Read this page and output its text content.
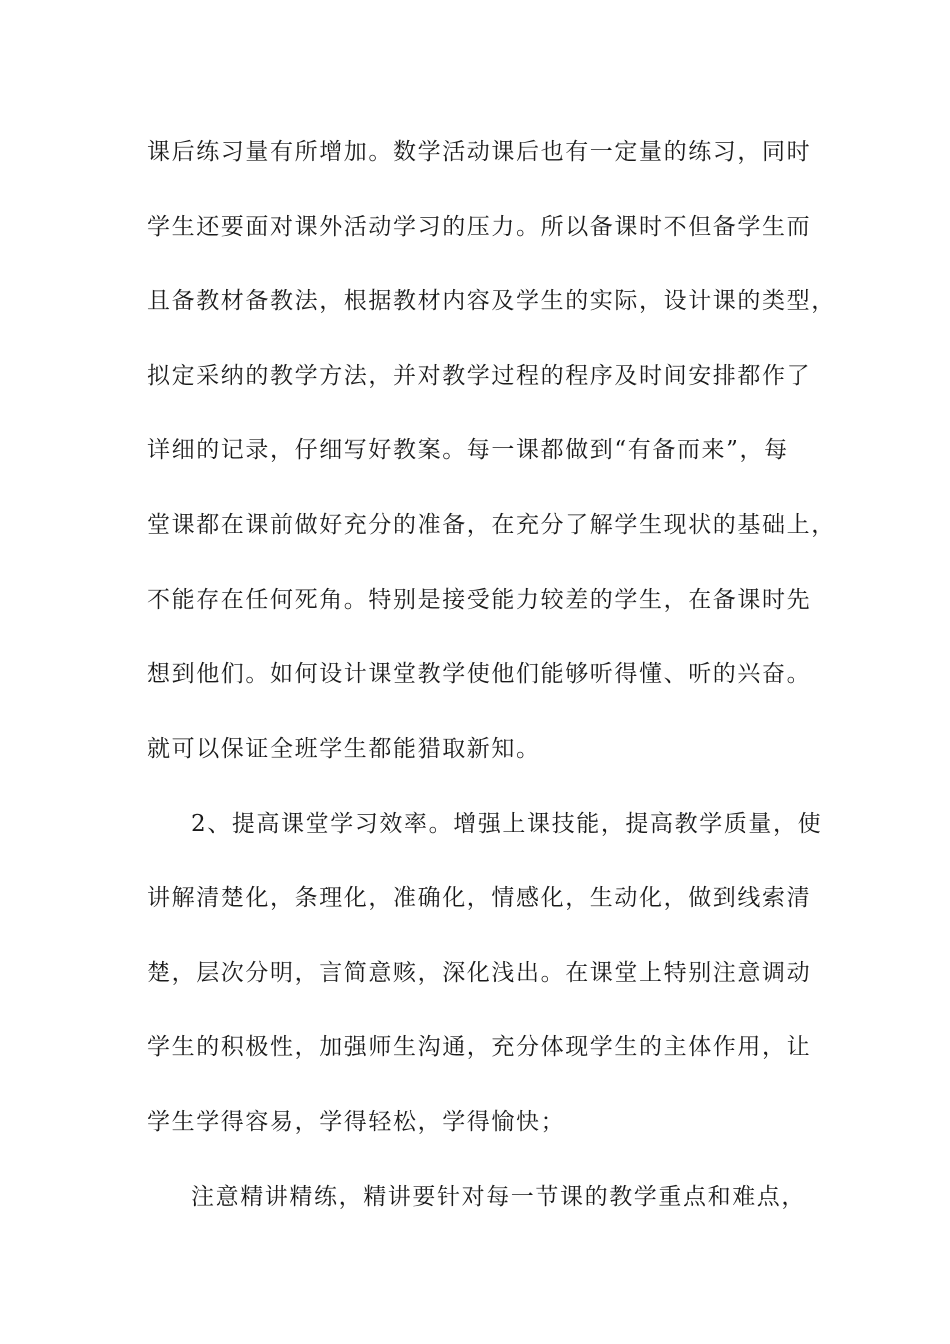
课后练习量有所增加。数学活动课后也有一定量的练习，同时
学生还要面对课外活动学习的压力。所以备课时不但备学生而
且备教材备教法，根据教材内容及学生的实际，设计课的类型，
拟定采纳的教学方法，并对教学过程的程序及时间安排都作了
详细的记录，仔细写好教案。每一课都做到“有备而来”，每
堂课都在课前做好充分的准备，在充分了解学生现状的基础上，
不能存在任何死角。特别是接受能力较差的学生，在备课时先
想到他们。如何设计课堂教学使他们能够听得懂、听的兴奋。
就可以保证全班学生都能猎取新知。
2、提高课堂学习效率。增强上课技能，提高教学质量，使
讲解清楚化，条理化，准确化，情感化，生动化，做到线索清
楚，层次分明，言简意赅，深化浅出。在课堂上特别注意调动
学生的积极性，加强师生沟通，充分体现学生的主体作用，让
学生学得容易，学得轻松，学得愉快；
注意精讲精练，精讲要针对每一节课的教学重点和难点，
